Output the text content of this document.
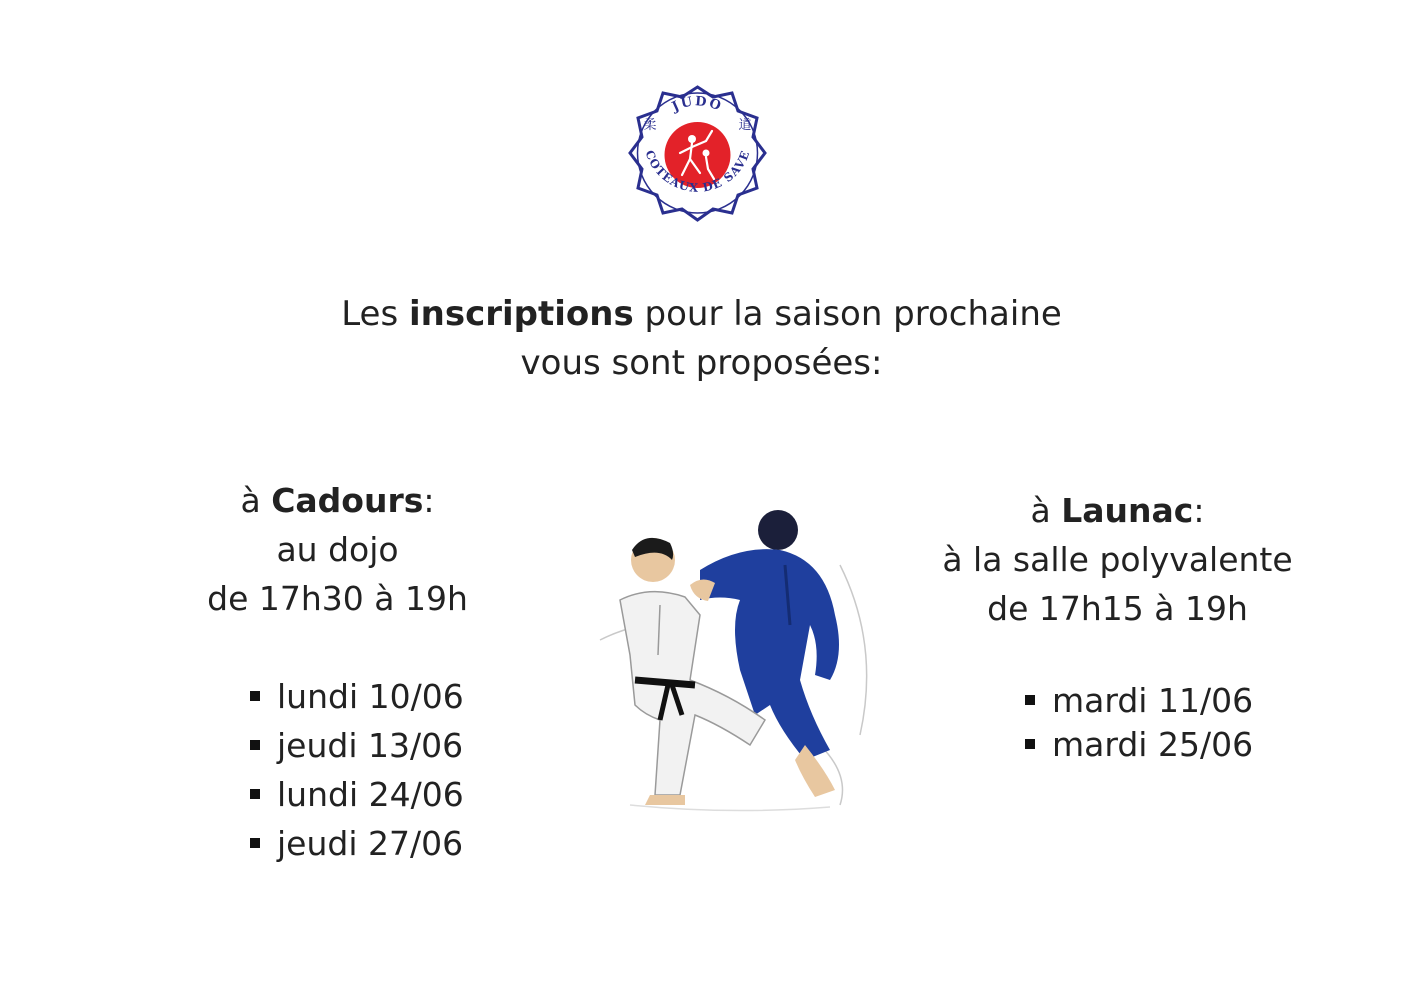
JUDO
COTEAUX DE SAVE
柔	道
Les inscriptions pour la saison prochaine
vous sont proposées:
à Cadours:
au dojo
de 17h30 à 19h
lundi 10/06
jeudi 13/06
lundi 24/06
jeudi 27/06
à Launac:
à la salle polyvalente
de 17h15 à 19h
mardi 11/06
mardi 25/06
